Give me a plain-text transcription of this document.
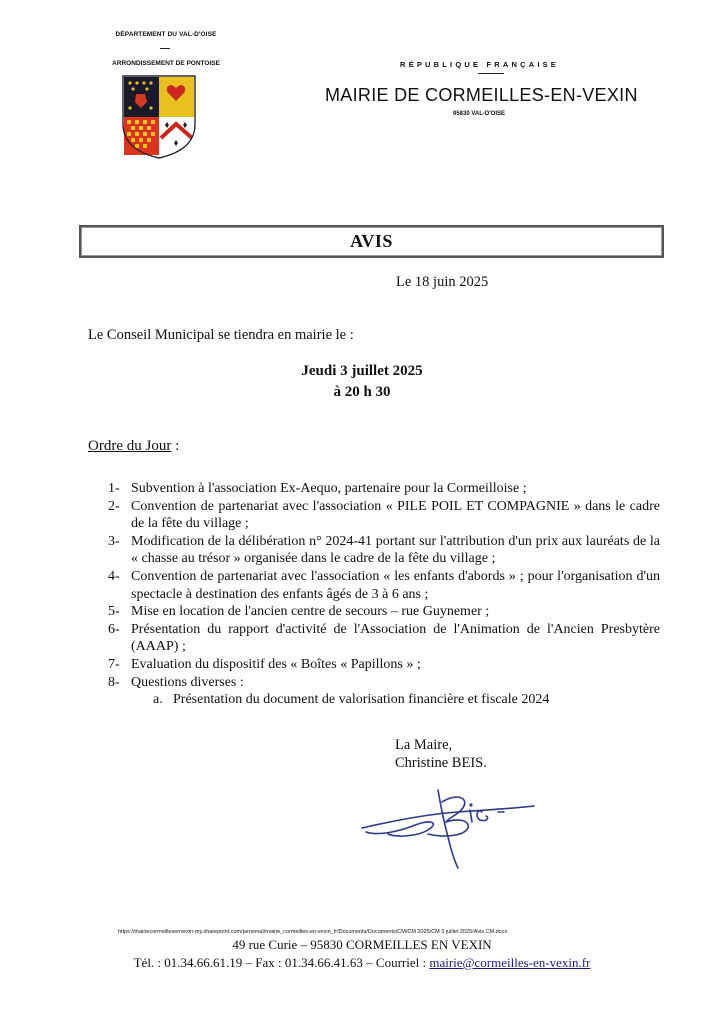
DÉPARTEMENT DU VAL-D'OISE
ARRONDISSEMENT DE PONTOISE	RÉPUBLIQUE FRANÇAISE
MAIRIE DE CORMEILLES-EN-VEXIN
95830 VAL-D'OISE
AVIS
Le 18 juin 2025
Le Conseil Municipal se tiendra en mairie le :
Jeudi 3 juillet 2025
à 20 h 30
Ordre du Jour :
1- Subvention à l'association Ex-Aequo, partenaire pour la Cormeilloise ;
2- Convention de partenariat avec l'association « PILE POIL ET COMPAGNIE » dans le cadre de la fête du village ;
3- Modification de la délibération n° 2024-41 portant sur l'attribution d'un prix aux lauréats de la « chasse au trésor » organisée dans le cadre de la fête du village ;
4- Convention de partenariat avec l'association « les enfants d'abords » ; pour l'organisation d'un spectacle à destination des enfants âgés de 3 à 6 ans ;
5- Mise en location de l'ancien centre de secours – rue Guynemer ;
6- Présentation du rapport d'activité de l'Association de l'Animation de l'Ancien Presbytère (AAAP) ;
7- Evaluation du dispositif des « Boîtes « Papillons » ;
8- Questions diverses :
a. Présentation du document de valorisation financière et fiscale 2024
La Maire,
Christine BEIS.
https://mairiecormeillesenvexin-my.sharepoint.com/personal/mairie_cormeilles-en-vexin_fr/Documents/Documents/CM/CM 2025/CM 3 juillet 2025/Avis CM.docx
49 rue Curie – 95830 CORMEILLES EN VEXIN
Tél. : 01.34.66.61.19 – Fax : 01.34.66.41.63 – Courriel : mairie@cormeilles-en-vexin.fr
